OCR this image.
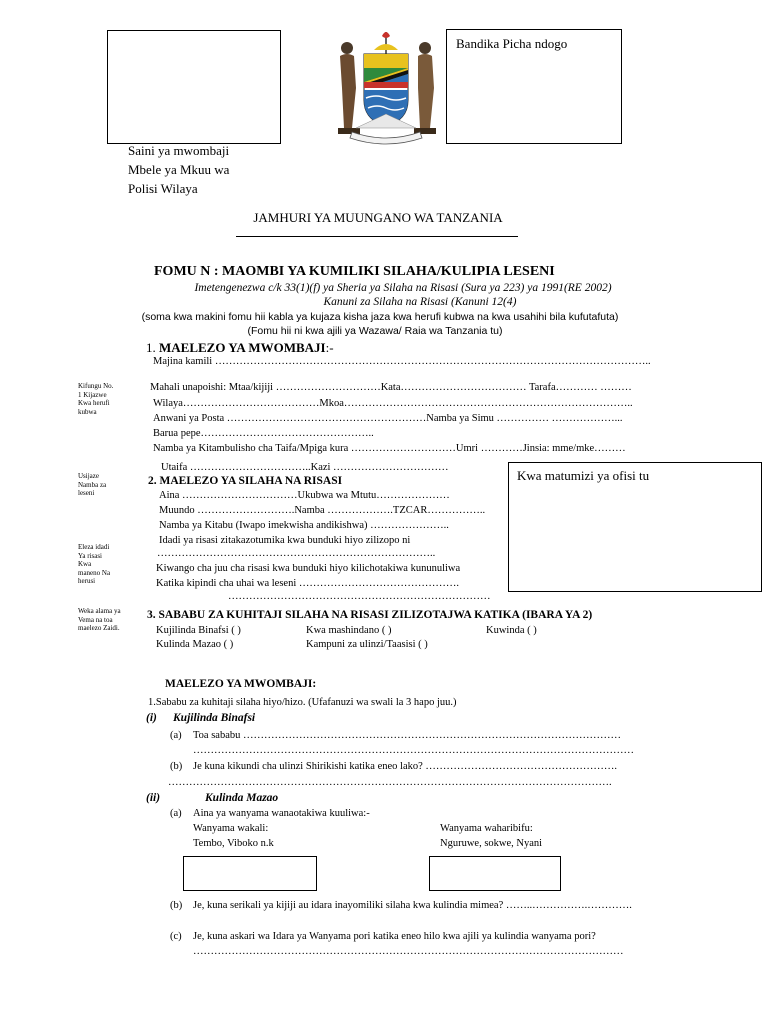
Saini ya mwombaji
Mbele ya Mkuu wa
Polisi Wilaya
Bandika Picha ndogo
JAMHURI YA MUUNGANO WA TANZANIA
FOMU N : MAOMBI YA KUMILIKI SILAHA/KULIPIA LESENI
Imetengenezwa c/k 33(1)(f) ya Sheria ya Silaha na Risasi (Sura ya 223) ya 1991(RE 2002)
Kanuni za Silaha na Risasi (Kanuni 12(4)
(soma kwa makini fomu hii kabla ya kujaza kisha jaza kwa herufi kubwa na kwa usahihi bila kufutafuta)
(Fomu hii ni kwa ajili ya Wazawa/ Raia wa Tanzania tu)
1. MAELEZO YA MWOMBAJI:-
Majina kamili ……………………………………………………………………………………………………………..
Mahali unapoishi: Mtaa/kijiji …………………………Kata……………………………… Tarafa………… ………
Wilaya…………………………………Mkoa………………………………………………………………………..
Anwani ya Posta …………………………………………………Namba ya Simu …………… ………………...
Barua pepe…………………………………………..
Namba ya Kitambulisho cha Taifa/Mpiga kura …………………………Umri …………Jinsia: mme/mke………
Utaifa ……………………………..Kazi ……………………………
Kwa matumizi ya ofisi tu
2. MAELEZO YA SILAHA NA RISASI
Aina ……………………………Ukubwa wa Mtutu…………………
Muundo ……………………….Namba ……………….TZCAR……………..
Namba ya Kitabu (Iwapo imekwisha andikishwa) …………………..
Idadi ya risasi zitakazotumika kwa bunduki hiyo zilizopo ni
……………………………………………………………………..
Kiwango cha juu cha risasi kwa bunduki hiyo kilichotakiwa kununuliwa
Katika kipindi cha uhai wa leseni ……………………………………….
…………………………………………………………………
Kifungu No. 1 Kijazwe Kwa herufi kubwa
Usijaze Namba za leseni
Eleza idadi Ya risasi Kwa maneno Na herusi
Weka alama ya Vema na toa maelezo Zaidi.
3. SABABU ZA KUHITAJI SILAHA NA RISASI ZILIZOTAJWA KATIKA (IBARA YA 2)
Kujilinda Binafsi ( )	Kwa mashindano ( )	Kuwinda ( )
Kulinda Mazao ( )	Kampuni za ulinzi/Taasisi ( )
MAELEZO YA MWOMBAJI:
1.Sababu za kuhitaji silaha hiyo/hizo. (Ufafanuzi wa swali la 3 hapo juu.)
(i) Kujilinda Binafsi
(a) Toa sababu ………………………………………………………………………………………………
………………………………………………………………………………………………………………
(b) Je kuna kikundi cha ulinzi Shirikishi katika eneo lako? ……………………………………………….
……………………………………………………………………………………………………………….
(ii)	Kulinda Mazao
(a) Aina ya wanyama wanaotakiwa kuuliwa:-
Wanyama wakali:
Tembo, Viboko n.k
Wanyama waharibifu:
Nguruwe, sokwe, Nyani
(b) Je, kuna serikali ya kijiji au idara inayomiliki silaha kwa kulindia mimea? ……..…………….………….
(c) Je, kuna askari wa Idara ya Wanyama pori katika eneo hilo kwa ajili ya kulindia wanyama pori?
……………………………………………………………………………………………………………
